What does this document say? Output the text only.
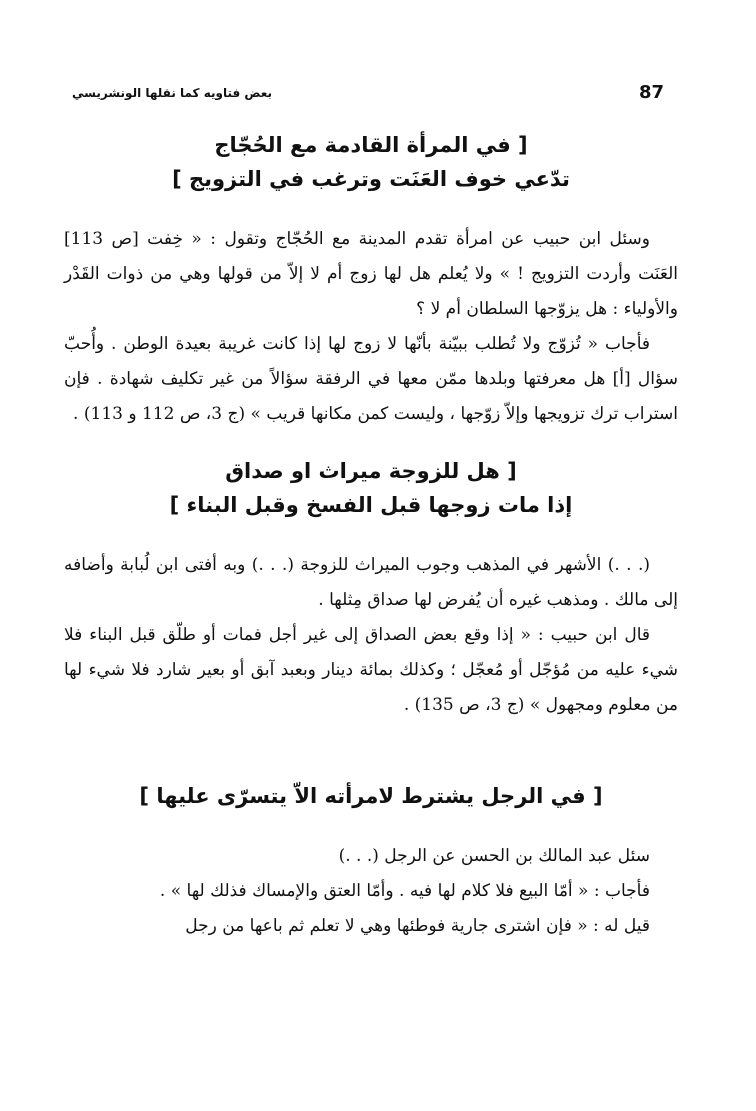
87
بعض فتاويه كما نقلها الونشريسي

[ في المرأة القادمة مع الحُجّاج

تدّعي خوف العَنَت وترغب في التزويج ]

وسئل ابن حبيب عن امرأة تقدم المدينة مع الحُجّاج وتقول : « خِفت [ص 113] العَنَت وأردت التزويج ! » ولا يُعلم هل لها زوج أم لا إلاّ من قولها وهي من ذوات القَدْر والأولياء : هل يزوّجها السلطان أم لا ؟

فأجاب « تُزوّج ولا تُطلب ببيّنة بأنّها لا زوج لها إذا كانت غريبة بعيدة الوطن . وأُحبّ سؤال [أ] هل معرفتها وبلدها ممّن معها في الرفقة سؤالاً من غير تكليف شهادة . فإن استراب ترك تزويجها وإلاّ زوّجها ، وليست كمن مكانها قريب » (ج 3، ص 112 و 113) .

[ هل للزوجة ميراث او صداق

إذا مات زوجها قبل الفسخ وقبل البناء ]

(. . .) الأشهر في المذهب وجوب الميراث للزوجة (. . .) وبه أفتى ابن لُبابة وأضافه إلى مالك . ومذهب غيره أن يُفرض لها صداق مِثلها .

قال ابن حبيب : « إذا وقع بعض الصداق إلى غير أجل فمات أو طلّق قبل البناء فلا شيء عليه من مُؤجّل أو مُعجّل ؛ وكذلك بمائة دينار وبعبد آبق أو بعير شارد فلا شيء لها من معلوم ومجهول » (ج 3، ص 135) .

[ في الرجل يشترط لامرأته الاّ يتسرّى عليها ]

سئل عبد المالك بن الحسن عن الرجل (. . .)

فأجاب : « أمّا البيع فلا كلام لها فيه . وأمّا العتق والإمساك فذلك لها » .

قيل له : « فإن اشترى جارية فوطئها وهي لا تعلم ثم باعها من رجل
